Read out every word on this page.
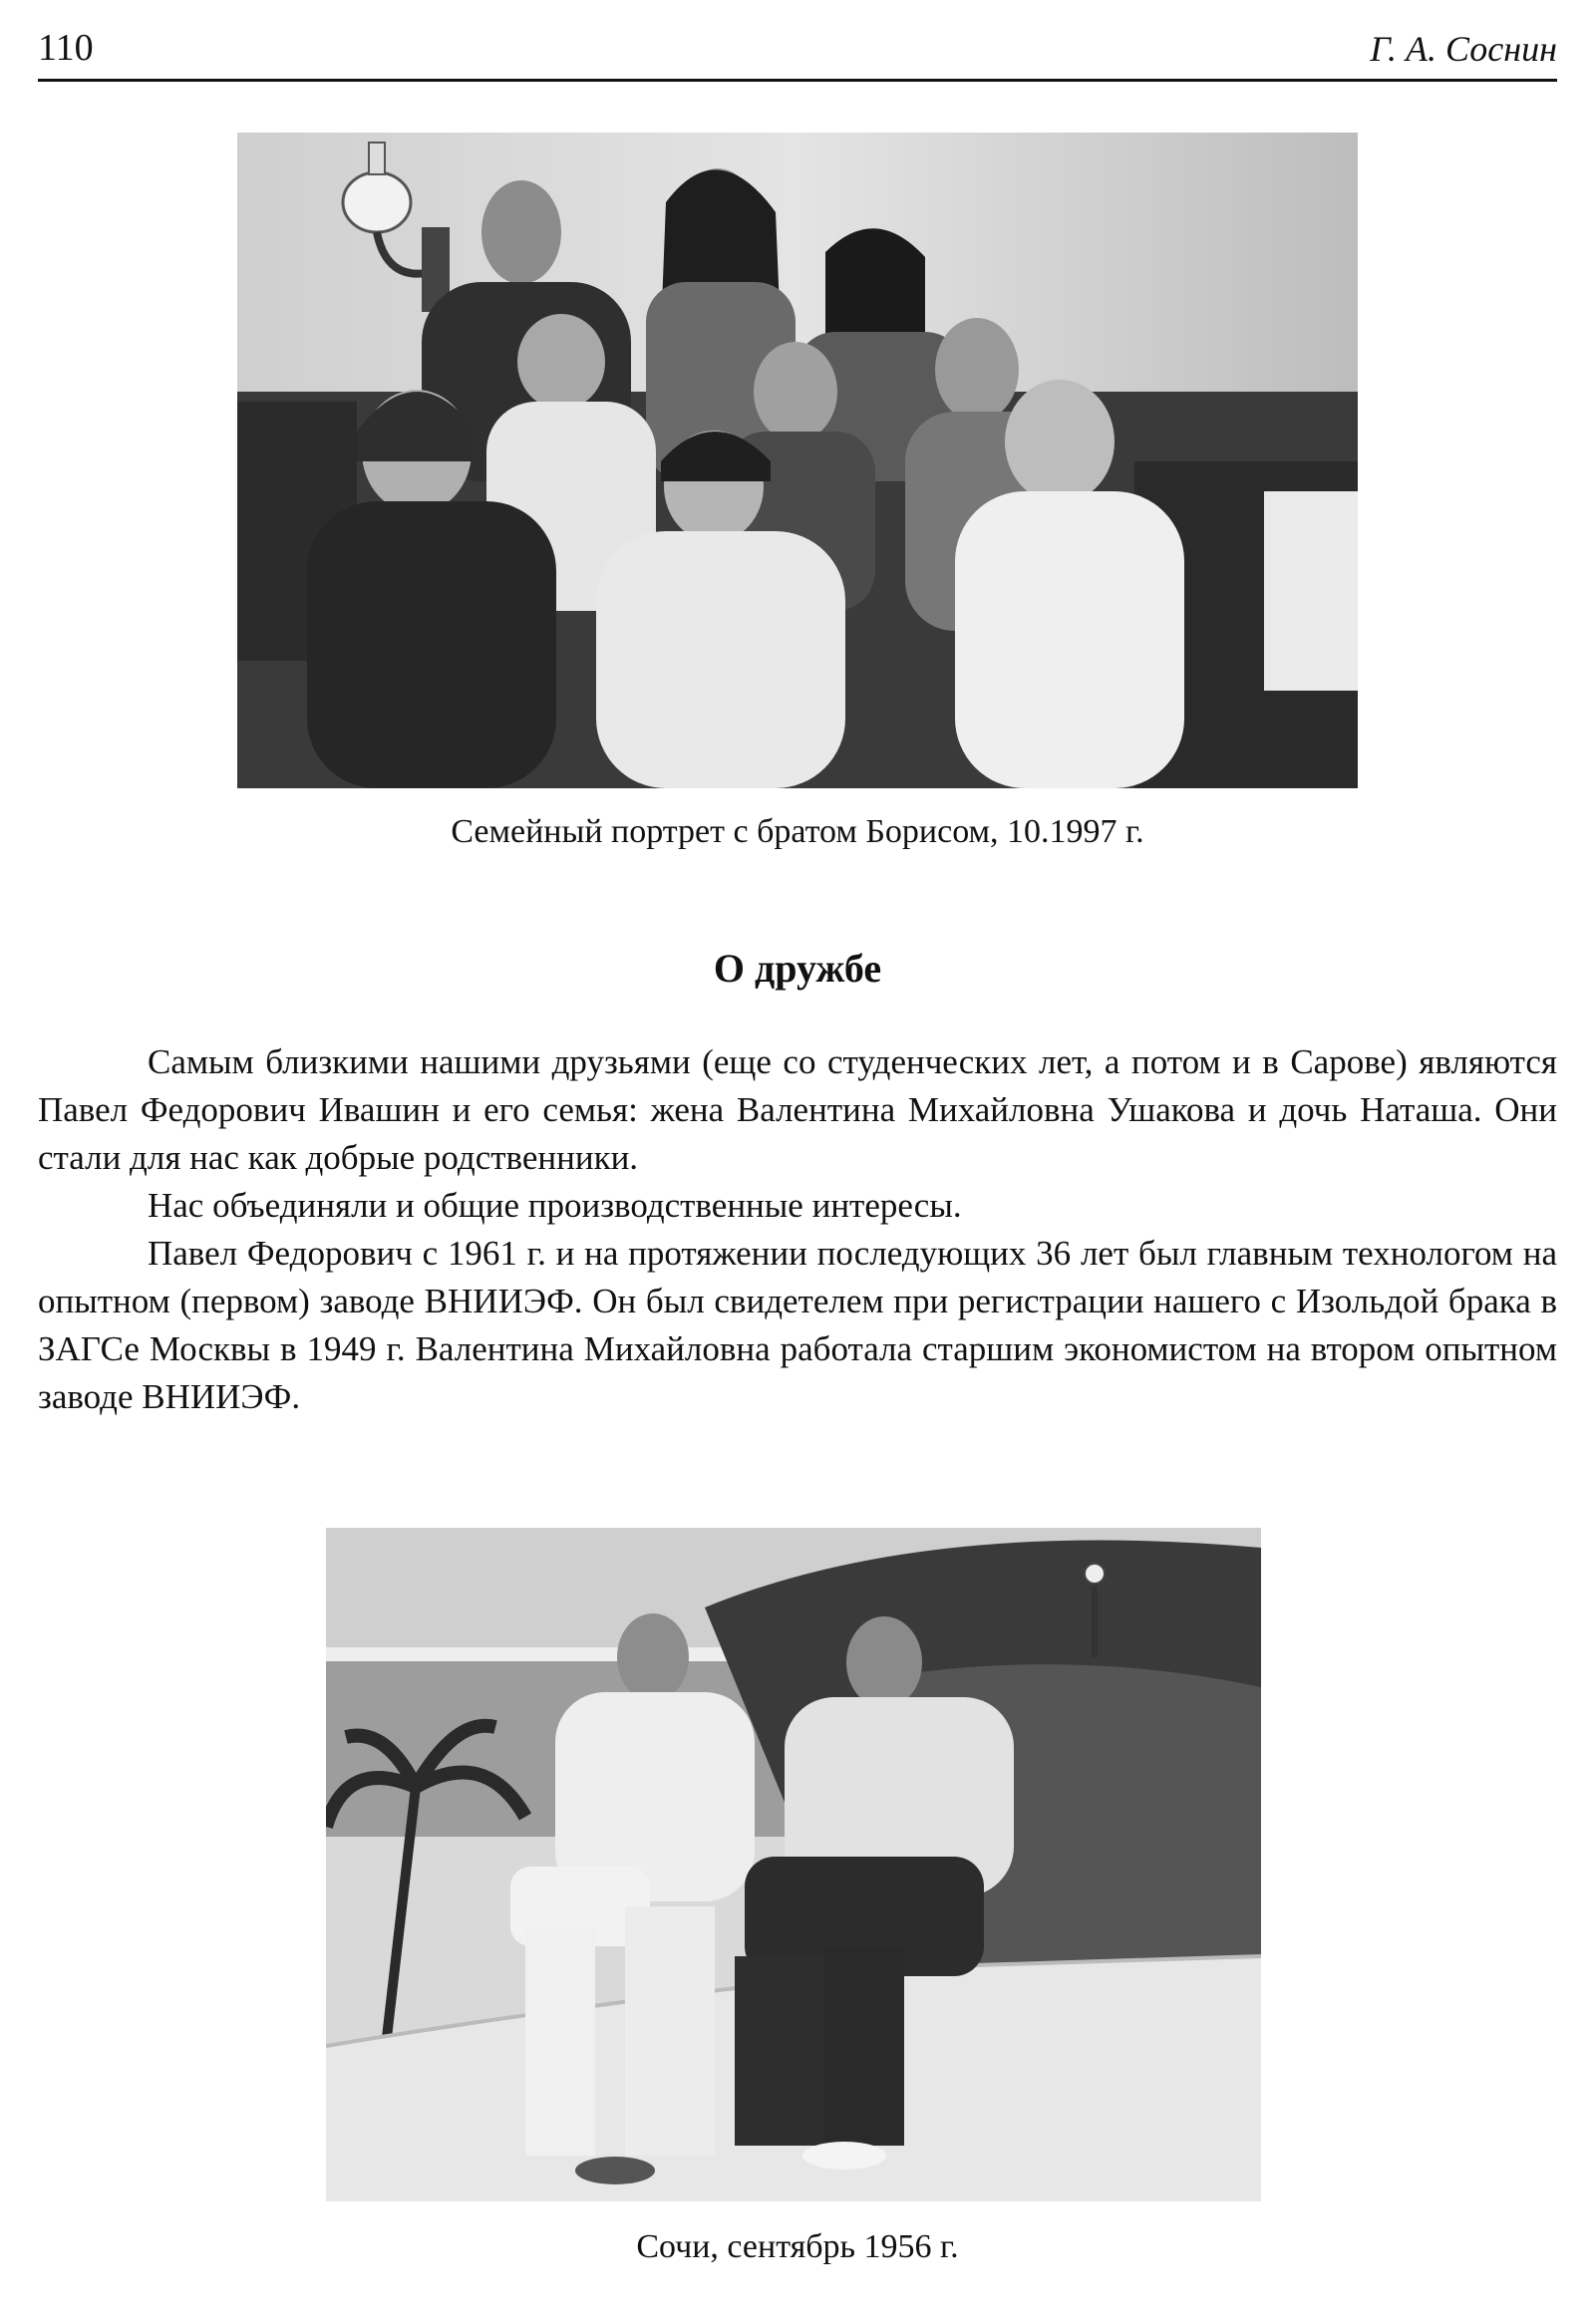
110	Г. А. Соснин
Семейный портрет с братом Борисом, 10.1997 г.
О дружбе

Самым близкими нашими друзьями (еще со студенческих лет, а потом и в Сарове) являются Павел Федорович Ивашин и его семья: жена Валентина Михайловна Ушакова и дочь Наташа. Они стали для нас как добрые родственники.

Нас объединяли и общие производственные интересы.

Павел Федорович с 1961 г. и на протяжении последующих 36 лет был главным технологом на опытном (первом) заводе ВНИИЭФ. Он был свидетелем при регистрации нашего с Изольдой брака в ЗАГСе Москвы в 1949 г. Валентина Михайловна работала старшим экономистом на втором опытном заводе ВНИИЭФ.

Сочи, сентябрь 1956 г.
